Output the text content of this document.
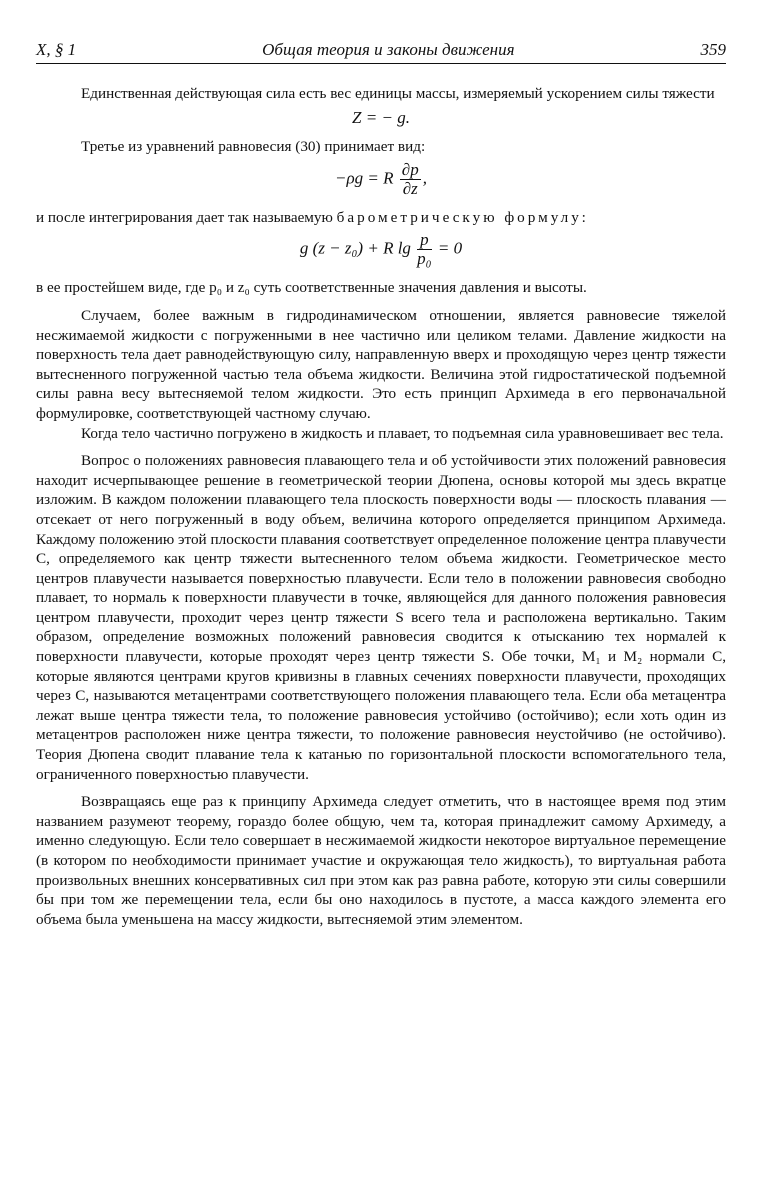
X, § 1	Общая теория и законы движения	359

Единственная действующая сила есть вес единицы массы, измеряемый ускорением силы тяжести

Z = − g.

Третье из уравнений равновесия (30) принимает вид:

−ρg = R $\frac{\partial p}{\partial z}$ ,

и после интегрирования дает так называемую барометрическую формулу:

g (z − z₀) + R $\lg \frac{p}{\text{p₀}} = 0$

в ее простейшем виде, где p₀ и z₀ суть соответственные значения давления и высоты.

Случаем, более важным в гидродинамическом отношении, является равновесие тяжелой несжимаемой жидкости с погруженными в нее частично или целиком телами. Давление жидкости на поверхность тела дает равнодействующую силу, направленную вверх и проходящую через центр тяжести вытесненного погруженной частью тела объема жидкости. Величина этой гидростатической подъемной силы равна весу вытесняемой телом жидкости. Это есть принцип Архимеда в его первоначальной формулировке, соответствующей частному случаю.

Когда тело частично погружено в жидкость и плавает, то подъемная сила уравновешивает вес тела.

Вопрос о положениях равновесия плавающего тела и об устойчивости этих положений равновесия находит исчерпывающее решение в геометрической теории Дюпена, основы которой мы здесь вкратце изложим. В каждом положении плавающего тела плоскость поверхности воды — плоскость плавания — отсекает от него погруженный в воду объем, величина которого определяется принципом Архимеда. Каждому положению этой плоскости плавания соответствует определенное положение центра плавучести C, определяемого как центр тяжести вытесненного телом объема жидкости. Геометрическое место центров плавучести называется поверхностью плавучести. Если тело в положении равновесия свободно плавает, то нормаль к поверхности плавучести в точке, являющейся для данного положения равновесия центром плавучести, проходит через центр тяжести S всего тела и расположена вертикально. Таким образом, определение возможных положений равновесия сводится к отысканию тех нормалей к поверхности плавучести, которые проходят через центр тяжести S. Обе точки, M₁ и M₂ нормали C, которые являются центрами кругов кривизны в главных сечениях поверхности плавучести, проходящих через C, называются метацентрами соответствующего положения плавающего тела. Если оба метацентра лежат выше центра тяжести тела, то положение равновесия устойчиво (остойчиво); если хоть один из метацентров расположен ниже центра тяжести, то положение равновесия неустойчиво (не остойчиво). Теория Дюпена сводит плавание тела к катанью по горизонтальной плоскости вспомогательного тела, ограниченного поверхностью плавучести.

Возвращаясь еще раз к принципу Архимеда следует отметить, что в настоящее время под этим названием разумеют теорему, гораздо более общую, чем та, которая принадлежит самому Архимеду, а именно следующую. Если тело совершает в несжимаемой жидкости некоторое виртуальное перемещение (в котором по необходимости принимает участие и окружающая тело жидкость), то виртуальная работа произвольных внешних консервативных сил при этом как раз равна работе, которую эти силы совершили бы при том же перемещении тела, если бы оно находилось в пустоте, а масса каждого элемента его объема была уменьшена на массу жидкости, вытесняемой этим элементом.
